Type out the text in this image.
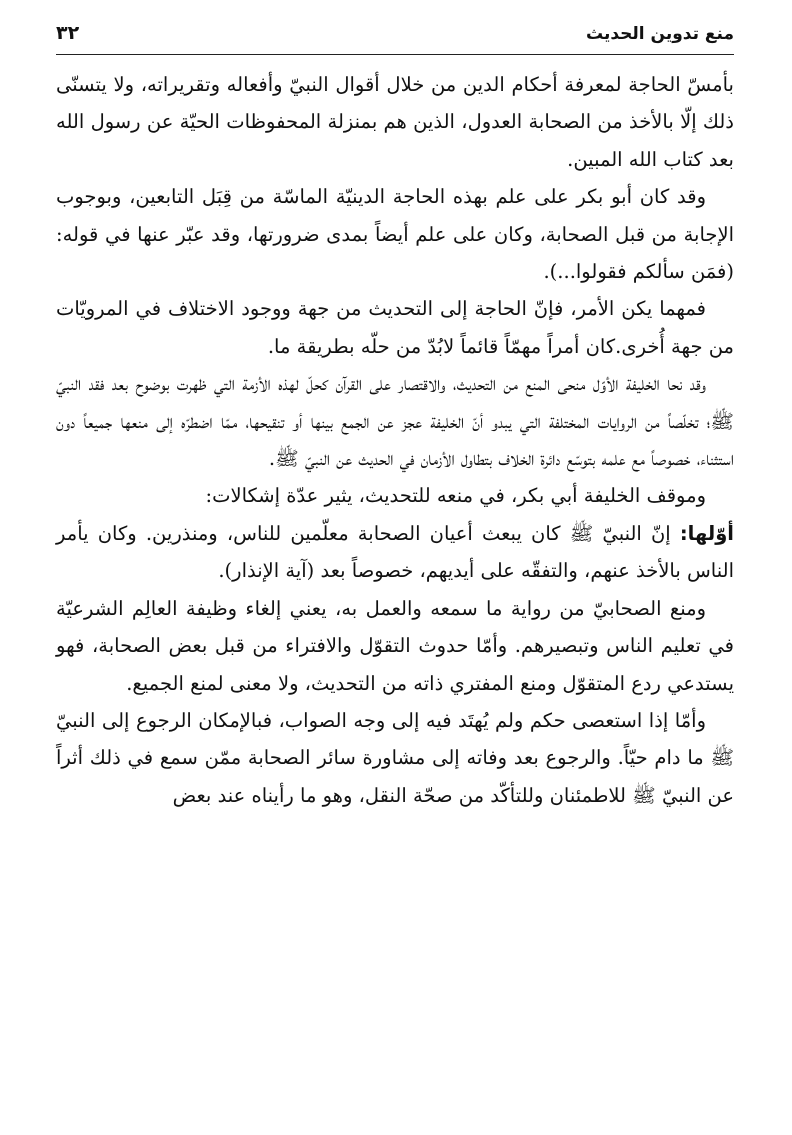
منع تدوين الحديث
٣٢

بأمسّ الحاجة لمعرفة أحكام الدين من خلال أقوال النبيّ وأفعاله وتقريراته، ولا يتسنّى ذلك إلّا بالأخذ من الصحابة العدول، الذين هم بمنزلة المحفوظات الحيّة عن رسول الله بعد كتاب الله المبين.

وقد كان أبو بكر على علم بهذه الحاجة الدينيّة الماسّة من قِبَل التابعين، وبوجوب الإجابة من قبل الصحابة، وكان على علم أيضاً بمدى ضرورتها، وقد عبّر عنها في قوله: (فمَن سألكم فقولوا...).

فمهما يكن الأمر، فإنّ الحاجة إلى التحديث من جهة ووجود الاختلاف في المرويّات من جهة أُخرى.كان أمراً مهمّاً قائماً لابُدّ من حلّه بطريقة ما.

وقد نحا الخليفة الأوّل منحى المنع من التحديث، والاقتصار على القرآن كحلّ لهذه الأزمة التي ظهرت بوضوح بعد فقد النبيّ ﷺ؛ تخلّصاً من الروايات المختلفة التي يبدو أنّ الخليفة عجز عن الجمع بينها أو تنقيحها، ممّا اضطرّه إلى منعها جميعاً دون استثناء، خصوصاً مع علمه بتوسّع دائرة الخلاف بتطاول الأزمان في الحديث عن النبيّ ﷺ.

وموقف الخليفة أبي بكر، في منعه للتحديث، يثير عدّة إشكالات:

أوّلها: إنّ النبيّ ﷺ كان يبعث أعيان الصحابة معلّمين للناس، ومنذرين. وكان يأمر الناس بالأخذ عنهم، والتفقّه على أيديهم، خصوصاً بعد (آية الإنذار).

ومنع الصحابيّ من رواية ما سمعه والعمل به، يعني إلغاء وظيفة العالِم الشرعيّة في تعليم الناس وتبصيرهم. وأمّا حدوث التقوّل والافتراء من قبل بعض الصحابة، فهو يستدعي ردع المتقوّل ومنع المفتري ذاته من التحديث، ولا معنى لمنع الجميع.

وأمّا إذا استعصى حكم ولم يُهتَد فيه إلى وجه الصواب، فبالإمكان الرجوع إلى النبيّ ﷺ ما دام حيّاً. والرجوع بعد وفاته إلى مشاورة سائر الصحابة ممّن سمع في ذلك أثراً عن النبيّ ﷺ للاطمئنان وللتأكّد من صحّة النقل، وهو ما رأيناه عند بعض
